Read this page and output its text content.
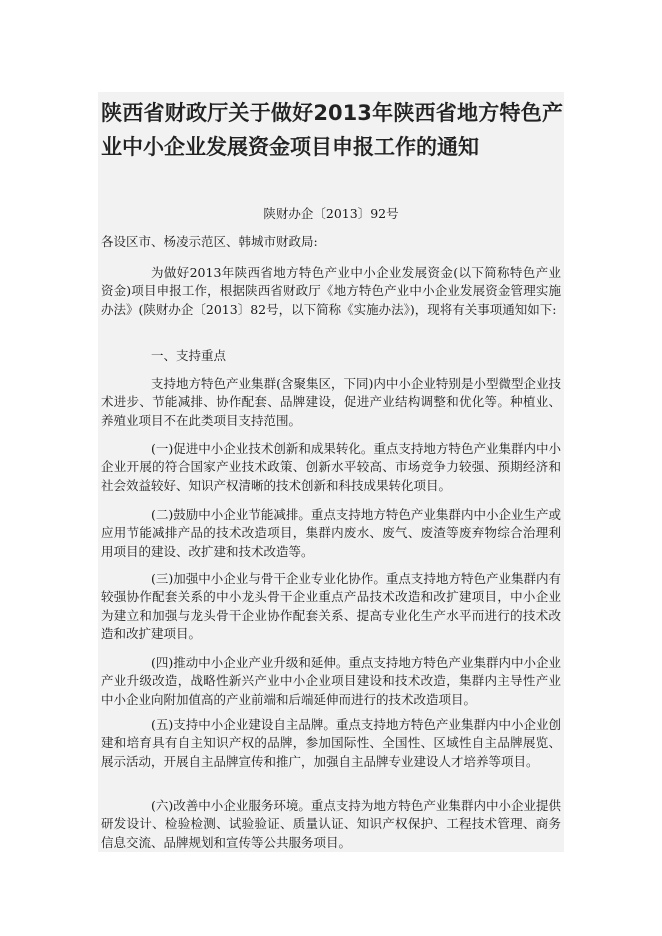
陕西省财政厅关于做好2013年陕西省地方特色产业中小企业发展资金项目申报工作的通知
陕财办企〔2013〕92号
各设区市、杨凌示范区、韩城市财政局:

为做好2013年陕西省地方特色产业中小企业发展资金(以下简称特色产业资金)项目申报工作，根据陕西省财政厅《地方特色产业中小企业发展资金管理实施办法》(陕财办企〔2013〕82号，以下简称《实施办法》)，现将有关事项通知如下:

一、支持重点

支持地方特色产业集群(含聚集区，下同)内中小企业特别是小型微型企业技术进步、节能减排、协作配套、品牌建设，促进产业结构调整和优化等。种植业、养殖业项目不在此类项目支持范围。

(一)促进中小企业技术创新和成果转化。重点支持地方特色产业集群内中小企业开展的符合国家产业技术政策、创新水平较高、市场竞争力较强、预期经济和社会效益较好、知识产权清晰的技术创新和科技成果转化项目。

(二)鼓励中小企业节能减排。重点支持地方特色产业集群内中小企业生产或应用节能减排产品的技术改造项目，集群内废水、废气、废渣等废弃物综合治理利用项目的建设、改扩建和技术改造等。

(三)加强中小企业与骨干企业专业化协作。重点支持地方特色产业集群内有较强协作配套关系的中小龙头骨干企业重点产品技术改造和改扩建项目，中小企业为建立和加强与龙头骨干企业协作配套关系、提高专业化生产水平而进行的技术改造和改扩建项目。

(四)推动中小企业产业升级和延伸。重点支持地方特色产业集群内中小企业产业升级改造，战略性新兴产业中小企业项目建设和技术改造，集群内主导性产业中小企业向附加值高的产业前端和后端延伸而进行的技术改造项目。

(五)支持中小企业建设自主品牌。重点支持地方特色产业集群内中小企业创建和培育具有自主知识产权的品牌，参加国际性、全国性、区域性自主品牌展览、展示活动，开展自主品牌宣传和推广，加强自主品牌专业建设人才培养等项目。

(六)改善中小企业服务环境。重点支持为地方特色产业集群内中小企业提供研发设计、检验检测、试验验证、质量认证、知识产权保护、工程技术管理、商务信息交流、品牌规划和宣传等公共服务项目。
